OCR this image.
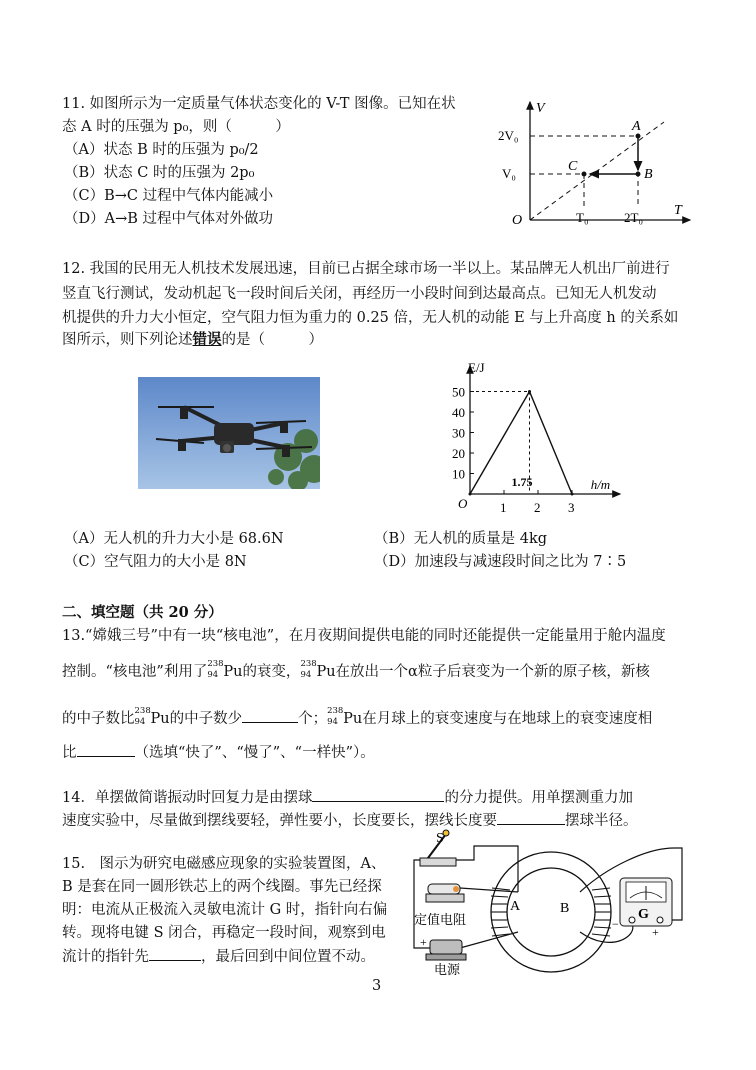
11. 如图所示为一定质量气体状态变化的 V-T 图像。已知在状
态 A 时的压强为 p₀，则（　　　）
（A）状态 B 时的压强为 p₀/2
（B）状态 C 时的压强为 2p₀
（C）B→C 过程中气体内能减小
（D）A→B 过程中气体对外做功
V
T
O
2V₀
V₀
T₀	2T₀
A
B
C
12. 我国的民用无人机技术发展迅速，目前已占据全球市场一半以上。某品牌无人机出厂前进行
竖直飞行测试，发动机起飞一段时间后关闭，再经历一小段时间到达最高点。已知无人机发动
机提供的升力大小恒定，空气阻力恒为重力的 0.25 倍，无人机的动能 E 与上升高度 h 的关系如
图所示，则下列论述错误的是（　　　）
E/J
h/m
O
10
20
30
40
50
1 2 3
1.75
（A）无人机的升力大小是 68.6N	（B）无人机的质量是 4kg
（C）空气阻力的大小是 8N	（D）加速段与减速段时间之比为 7∶5
二、填空题（共 20 分）
13.“嫦娥三号”中有一块“核电池”，在月夜期间提供电能的同时还能提供一定能量用于舱内温度
控制。“核电池”利用了 238
94 Pu的衰变， 238
94 Pu在放出一个α粒子后衰变为一个新的原子核，新核
的中子数比 238
94 Pu的中子数少	个； 238
94 Pu在月球上的衰变速度与在地球上的衰变速度相
比	（选填“快了”、“慢了”、“一样快”）。
14．单摆做简谐振动时回复力是由摆球	的分力提供。用单摆测重力加
速度实验中，尽量做到摆线要轻，弹性要小，长度要长，摆线长度要	摆球半径。
15.　图示为研究电磁感应现象的实验装置图，A、
B 是套在同一圆形铁芯上的两个线圈。事先已经探
明：电流从正极流入灵敏电流计 G 时，指针向右偏
转。现将电键 S 闭合，再稳定一段时间，观察到电
流计的指针先	，最后回到中间位置不动。
S
定值电阻
+
电源
A	B	G
−
+
3
